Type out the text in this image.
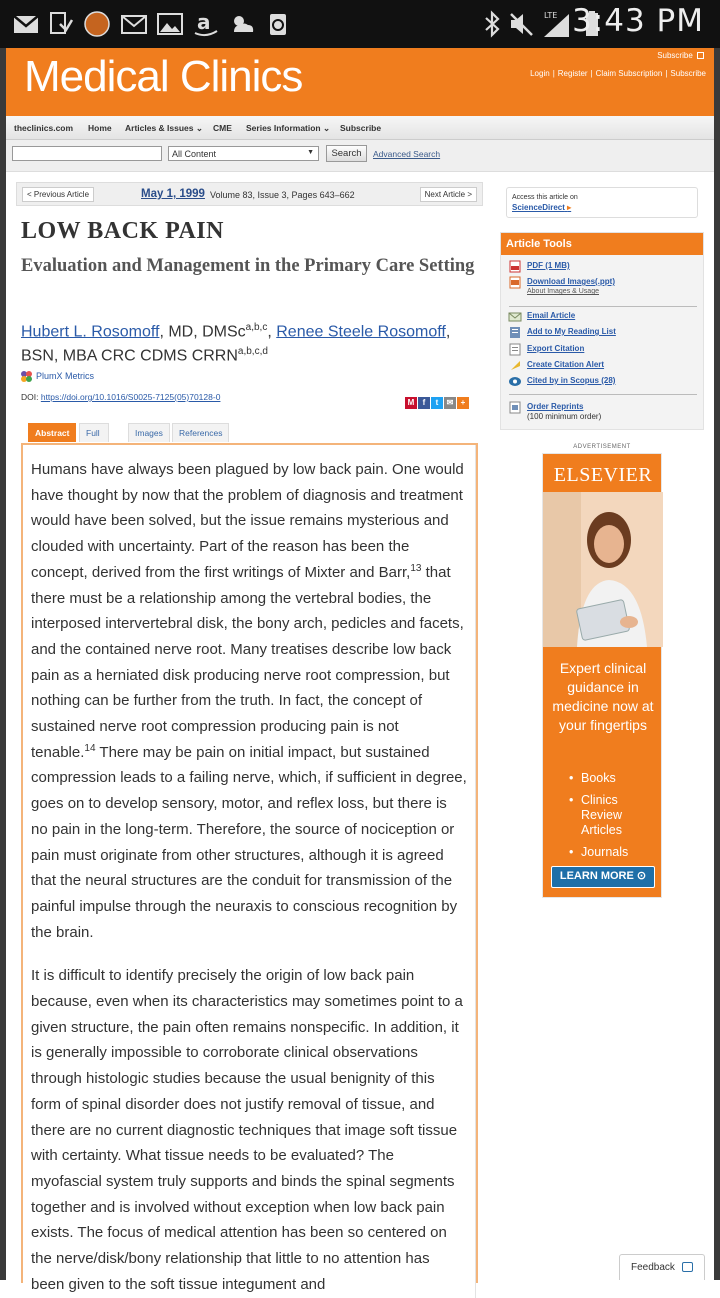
a	LTE 3:43 PM
Medical Clinics	Subscribe
Login | Register | Claim Subscription | Subscribe
theclinics.com Home Articles & Issues ⌄ CME Series Information ⌄ Subscribe
All Content	▼	Search	Advanced Search
< Previous Article	May 1, 1999 Volume 83, Issue 3, Pages 643–662	Next Article >
LOW BACK PAIN
Evaluation and Management in the Primary Care Setting
Hubert L. Rosomoff, MD, DMSc$^{a,b,c}$, Renee Steele Rosomoff, BSN, MBA CRC CDMS CRRN$^{a,b,c,d}$
PlumX Metrics
DOI: https://doi.org/10.1016/S0025-7125(05)70128-0
M f t ✉ +
Abstract	Full	Images	References

Humans have always been plagued by low back pain. One would have thought by now that the problem of diagnosis and treatment would have been solved, but the issue remains mysterious and clouded with uncertainty. Part of the reason has been the concept, derived from the first writings of Mixter and Barr,$^{13}$ that there must be a relationship among the vertebral bodies, the interposed intervertebral disk, the bony arch, pedicles and facets, and the contained nerve root. Many treatises describe low back pain as a herniated disk producing nerve root compression, but nothing can be further from the truth. In fact, the concept of sustained nerve root compression producing pain is not tenable.$^{14}$ There may be pain on initial impact, but sustained compression leads to a failing nerve, which, if sufficient in degree, goes on to develop sensory, motor, and reflex loss, but there is no pain in the long-term. Therefore, the source of nociception or pain must originate from other structures, although it is agreed that the neural structures are the conduit for transmission of the painful impulse through the neuraxis to conscious recognition by the brain.

It is difficult to identify precisely the origin of low back pain because, even when its characteristics may sometimes point to a given structure, the pain often remains nonspecific. In addition, it is generally impossible to corroborate clinical observations through histologic studies because the usual benignity of this form of spinal disorder does not justify removal of tissue, and there are no current diagnostic techniques that image soft tissue with certainty. What tissue needs to be evaluated? The myofascial system truly supports and binds the spinal segments together and is involved without exception when low back pain exists. The focus of medical attention has been so centered on the nerve/disk/bony relationship that little to no attention has been given to the soft tissue integument and

Access this article on
ScienceDirect ▸
Article Tools
PDF (1 MB)
Download Images(.ppt)
About Images & Usage
Email Article
Add to My Reading List
Export Citation
Create Citation Alert
Cited by in Scopus (28)
Order Reprints
(100 minimum order)
ADVERTISEMENT
ELSEVIER
Expert clinical guidance in medicine now at your fingertips
• Books
• Clinics Review Articles
• Journals
LEARN MORE ⊙
Feedback
